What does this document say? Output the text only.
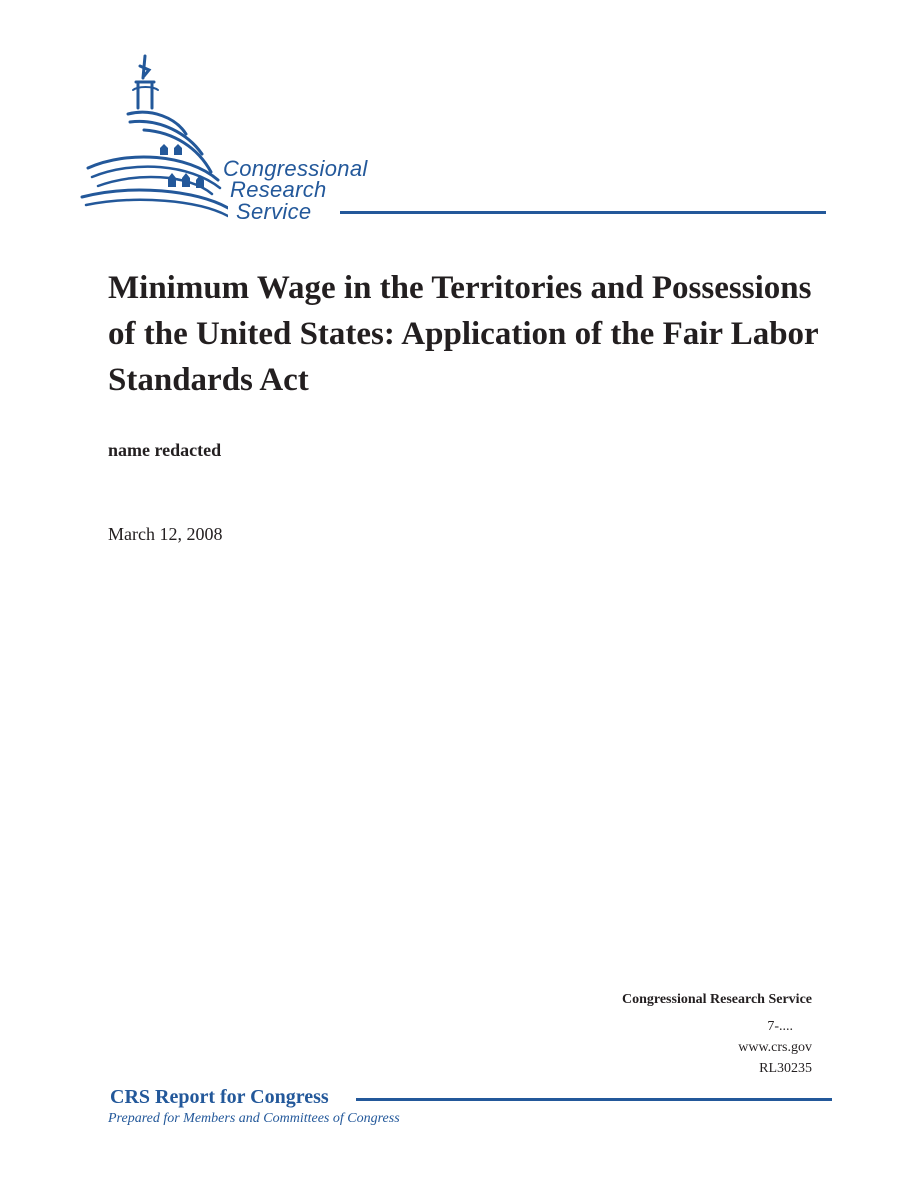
Congressional
Research
Service
Minimum Wage in the Territories and Possessions of the United States: Application of the Fair Labor Standards Act
name redacted
March 12, 2008
Congressional Research Service
7-....
www.crs.gov
RL30235
CRS Report for Congress
Prepared for Members and Committees of Congress
